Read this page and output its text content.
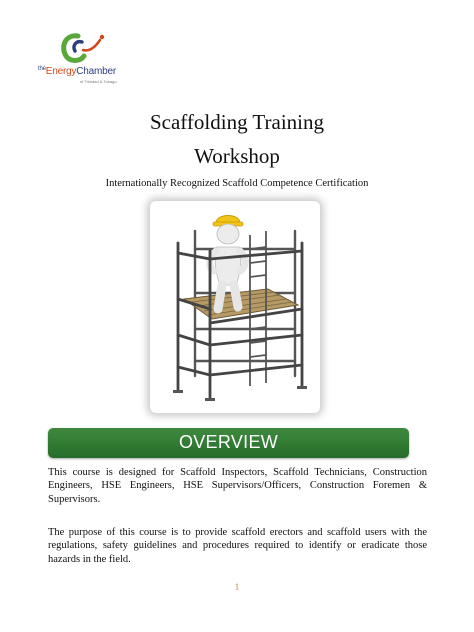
$^{the}$EnergyChamber
of Trinidad & Tobago
Scaffolding Training
Workshop
Internationally Recognized Scaffold Competence Certification
OVERVIEW
This course is designed for Scaffold Inspectors, Scaffold Technicians, Construction Engineers, HSE Engineers, HSE Supervisors/Officers, Construction Foremen & Supervisors.
The purpose of this course is to provide scaffold erectors and scaffold users with the regulations, safety guidelines and procedures required to identify or eradicate those hazards in the field.
1
